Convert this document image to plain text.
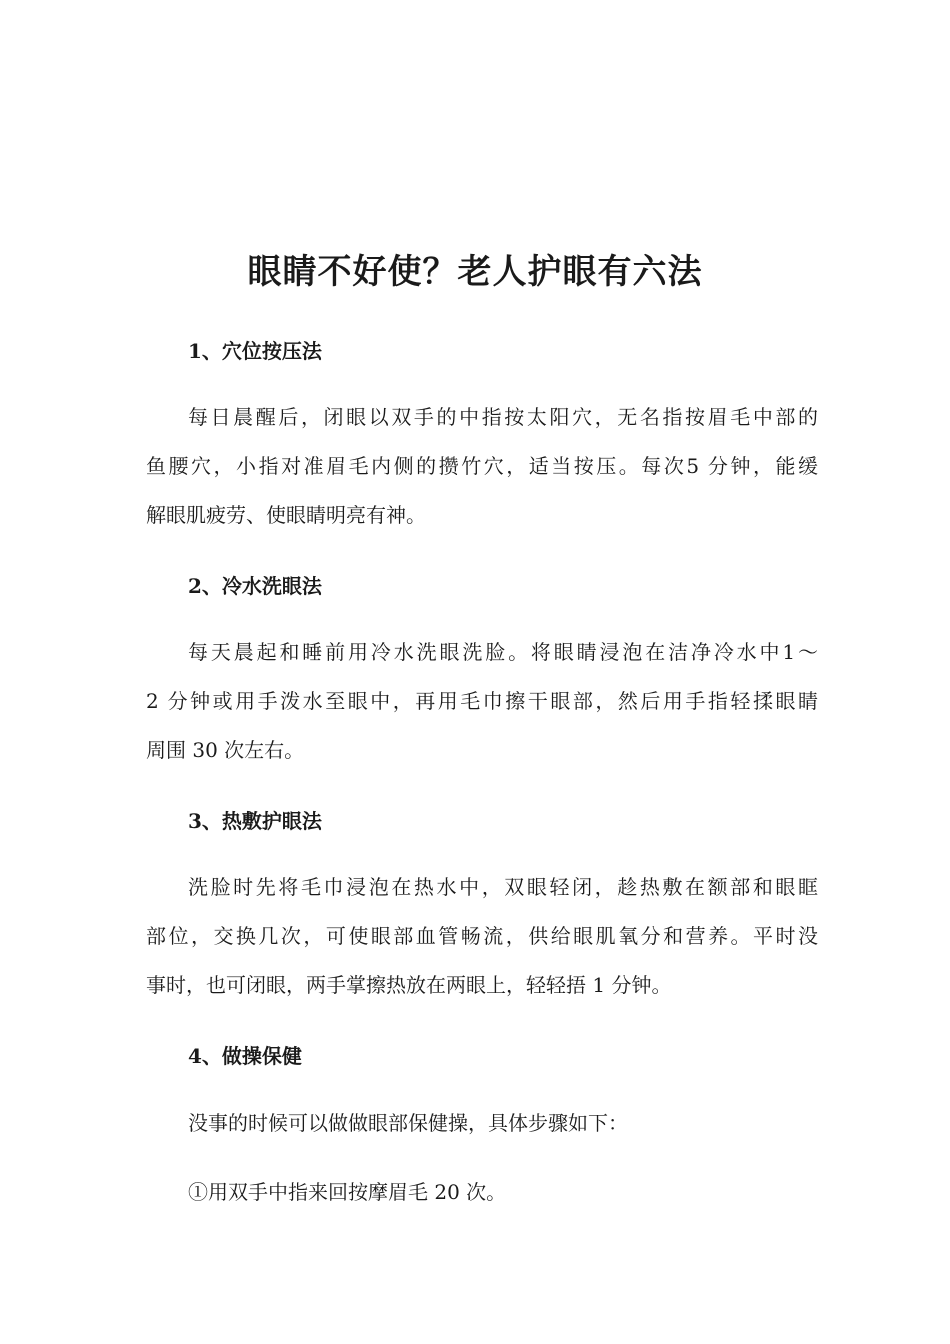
眼睛不好使？老人护眼有六法
1、穴位按压法
每日晨醒后，闭眼以双手的中指按太阳穴，无名指按眉毛中部的
鱼腰穴，小指对准眉毛内侧的攒竹穴，适当按压。每次5 分钟，能缓
解眼肌疲劳、使眼睛明亮有神。
2、冷水洗眼法
每天晨起和睡前用冷水洗眼洗脸。将眼睛浸泡在洁净冷水中1～
2 分钟或用手泼水至眼中，再用毛巾擦干眼部，然后用手指轻揉眼睛
周围 30 次左右。
3、热敷护眼法
洗脸时先将毛巾浸泡在热水中，双眼轻闭，趁热敷在额部和眼眶
部位，交换几次，可使眼部血管畅流，供给眼肌氧分和营养。平时没
事时，也可闭眼，两手掌擦热放在两眼上，轻轻捂 1 分钟。
4、做操保健
没事的时候可以做做眼部保健操，具体步骤如下：
①用双手中指来回按摩眉毛 20 次。
